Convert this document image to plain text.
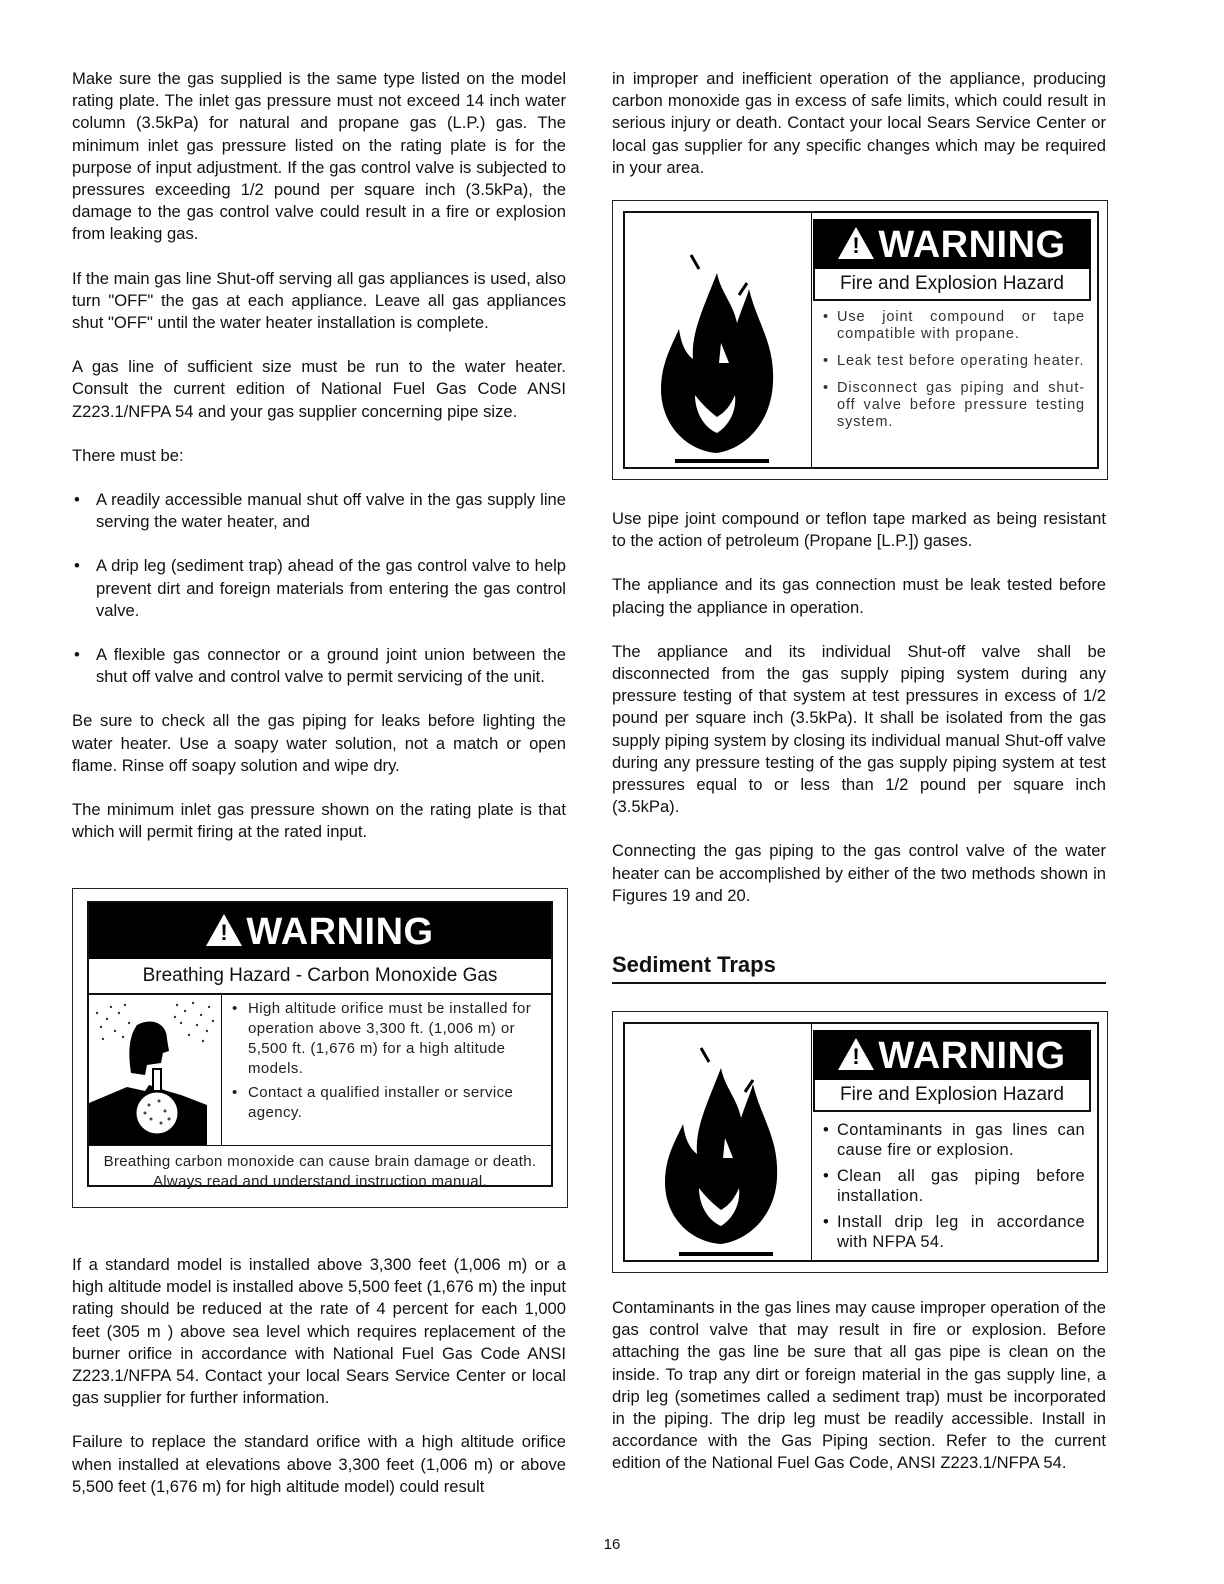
Make sure the gas supplied is the same type listed on the model rating plate. The inlet gas pressure must not exceed 14 inch water column (3.5kPa) for natural and propane gas (L.P.) gas. The minimum inlet gas pressure listed on the rating plate is for the purpose of input adjustment. If the gas control valve is subjected to pressures exceeding 1/2 pound per square inch (3.5kPa), the damage to the gas control valve could result in a fire or explosion from leaking gas.

If the main gas line Shut-off serving all gas appliances is used, also turn "OFF" the gas at each appliance. Leave all gas appliances shut "OFF" until the water heater installation is complete.

A gas line of sufficient size must be run to the water heater. Consult the current edition of National Fuel Gas Code ANSI Z223.1/NFPA 54 and your gas supplier concerning pipe size.

There must be:

• A readily accessible manual shut off valve in the gas supply line serving the water heater, and
• A drip leg (sediment trap) ahead of the gas control valve to help prevent dirt and foreign materials from entering the gas control valve.
• A flexible gas connector or a ground joint union between the shut off valve and control valve to permit servicing of the unit.

Be sure to check all the gas piping for leaks before lighting the water heater. Use a soapy water solution, not a match or open flame. Rinse off soapy solution and wipe dry.

The minimum inlet gas pressure shown on the rating plate is that which will permit firing at the rated input.

If a standard model is installed above 3,300 feet (1,006 m) or a high altitude model is installed above 5,500 feet (1,676 m) the input rating should be reduced at the rate of 4 percent for each 1,000 feet (305 m ) above sea level which requires replacement of the burner orifice in accordance with National Fuel Gas Code ANSI Z223.1/NFPA 54. Contact your local Sears Service Center or local gas supplier for further information.

Failure to replace the standard orifice with a high altitude orifice when installed at elevations above 3,300 feet (1,006 m) or above 5,500 feet (1,676 m) for high altitude model) could result

! WARNING
Breathing Hazard - Carbon Monoxide Gas
• High altitude orifice must be installed for operation above 3,300 ft. (1,006 m) or 5,500 ft. (1,676 m) for a high altitude models.
• Contact a qualified installer or service agency.
Breathing carbon monoxide can cause brain damage or death. Always read and understand instruction manual.

in improper and inefficient operation of the appliance, producing carbon monoxide gas in excess of safe limits, which could result in serious injury or death. Contact your local Sears Service Center or local gas supplier for any specific changes which may be required in your area.

! WARNING
Fire and Explosion Hazard
• Use joint compound or tape compatible with propane.
• Leak test before operating heater.
• Disconnect gas piping and shut-off valve before pressure testing system.

Use pipe joint compound or teflon tape marked as being resistant to the action of petroleum (Propane [L.P.]) gases.

The appliance and its gas connection must be leak tested before placing the appliance in operation.

The appliance and its individual Shut-off valve shall be disconnected from the gas supply piping system during any pressure testing of that system at test pressures in excess of 1/2 pound per square inch (3.5kPa). It shall be isolated from the gas supply piping system by closing its individual manual Shut-off valve during any pressure testing of the gas supply piping system at test pressures equal to or less than 1/2 pound per square inch (3.5kPa).

Connecting the gas piping to the gas control valve of the water heater can be accomplished by either of the two methods shown in Figures 19 and 20.

Sediment Traps
! WARNING
Fire and Explosion Hazard
• Contaminants in gas lines can cause fire or explosion.
• Clean all gas piping before installation.
• Install drip leg in accordance with NFPA 54.

Contaminants in the gas lines may cause improper operation of the gas control valve that may result in fire or explosion. Before attaching the gas line be sure that all gas pipe is clean on the inside. To trap any dirt or foreign material in the gas supply line, a drip leg (sometimes called a sediment trap) must be incorporated in the piping. The drip leg must be readily accessible. Install in accordance with the Gas Piping section. Refer to the current edition of the National Fuel Gas Code, ANSI Z223.1/NFPA 54.

16
